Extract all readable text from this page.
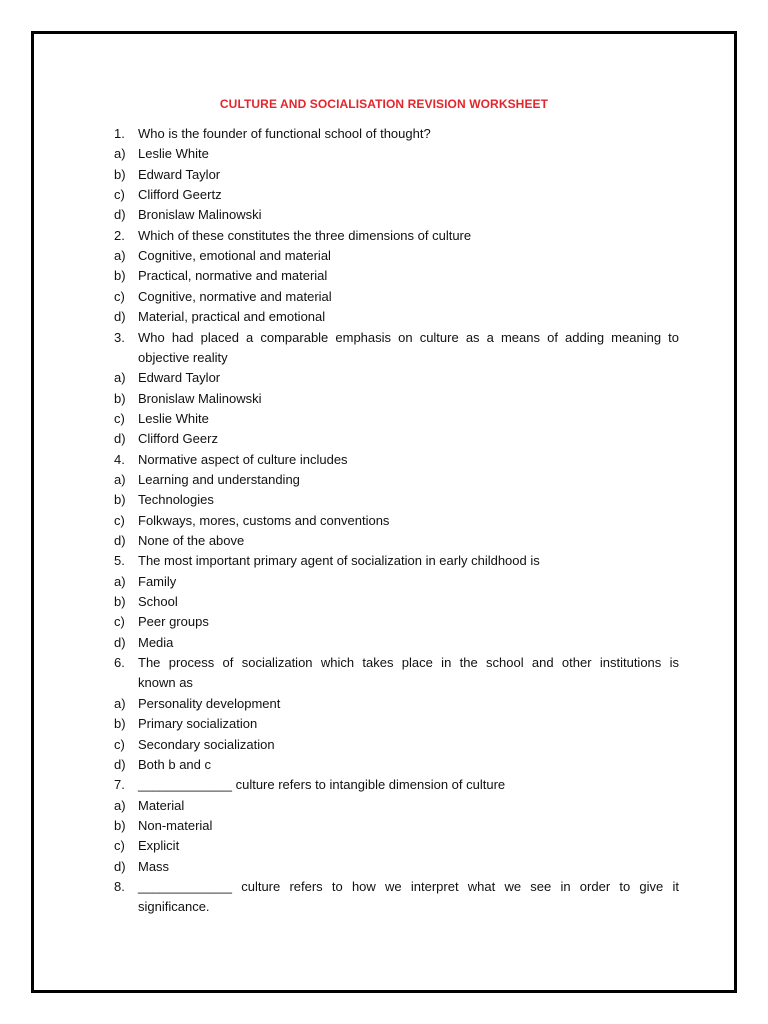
CULTURE AND SOCIALISATION REVISION WORKSHEET
1.	Who is the founder of functional school of thought?
a) Leslie White
b) Edward Taylor
c)	Clifford Geertz
d) Bronislaw Malinowski
2.	Which of these constitutes the three dimensions of culture
a) Cognitive, emotional and material
b) Practical, normative and material
c)	Cognitive, normative and material
d) Material, practical and emotional
3.	Who had placed a comparable emphasis on culture as a means of adding meaning to
objective reality
a) Edward Taylor
b) Bronislaw Malinowski
c)	Leslie White
d) Clifford Geerz
4.	Normative aspect of culture includes
a) Learning and understanding
b) Technologies
c)	Folkways, mores, customs and conventions
d) None of the above
5.	The most important primary agent of socialization in early childhood is
a) Family
b) School
c)	Peer groups
d) Media
6.	The process of socialization which takes place in the school and other institutions is
known as
a) Personality development
b) Primary socialization
c)	Secondary socialization
d) Both b and c
7.	_____________ culture refers to intangible dimension of culture
a) Material
b) Non-material
c)	Explicit
d) Mass
8.	_____________ culture refers to how we interpret what we see in order to give it
significance.
